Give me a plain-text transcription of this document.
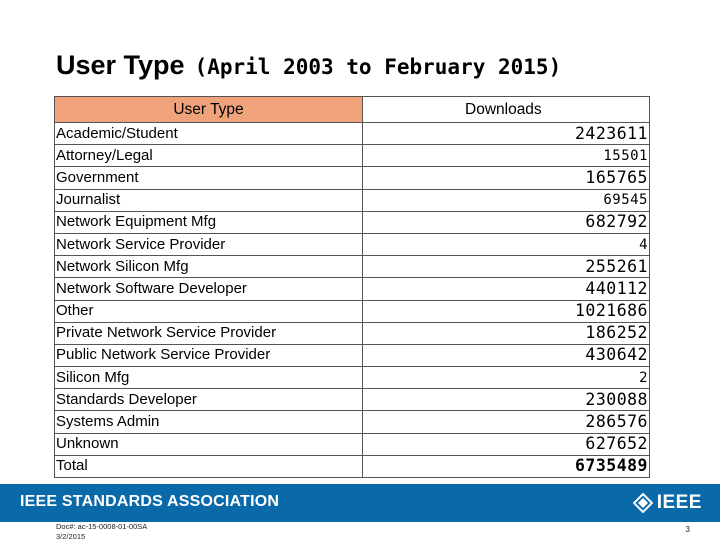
User Type (April 2003 to February 2015)
User Type	Downloads
Academic/Student	2423611
Attorney/Legal	15501
Government	165765
Journalist	69545
Network Equipment Mfg	682792
Network Service Provider	4
Network Silicon Mfg	255261
Network Software Developer	440112
Other	1021686
Private Network Service Provider	186252
Public Network Service Provider	430642
Silicon Mfg	2
Standards Developer	230088
Systems Admin	286576
Unknown	627652
Total	6735489
IEEE STANDARDS ASSOCIATION	IEEE
Doc#: ac-15-0008-01-00SA
3/2/2015
3
